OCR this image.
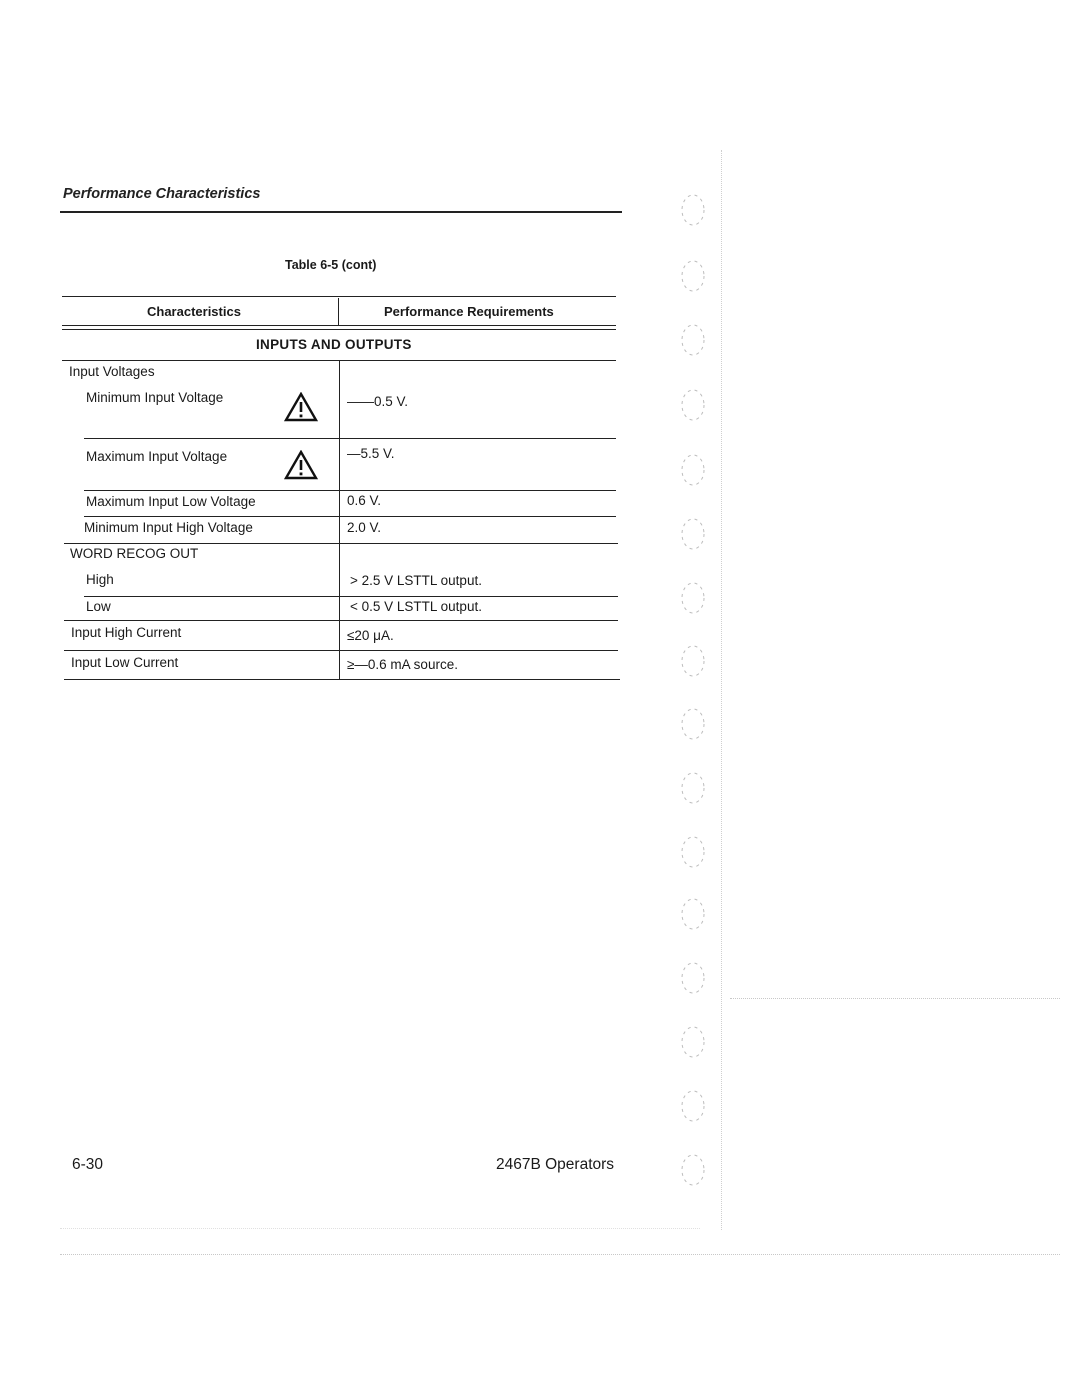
Performance Characteristics
Table 6-5 (cont)
Characteristics	Performance Requirements
INPUTS AND OUTPUTS
Input Voltages
Minimum Input Voltage	——0.5 V.
Maximum Input Voltage	—5.5 V.
Maximum Input Low Voltage	0.6 V.
Minimum Input High Voltage	2.0 V.
WORD RECOG OUT
High	> 2.5 V LSTTL output.
Low	< 0.5 V LSTTL output.
Input High Current	≤20 μA.
Input Low Current	≥—0.6 mA source.
6-30	2467B Operators
